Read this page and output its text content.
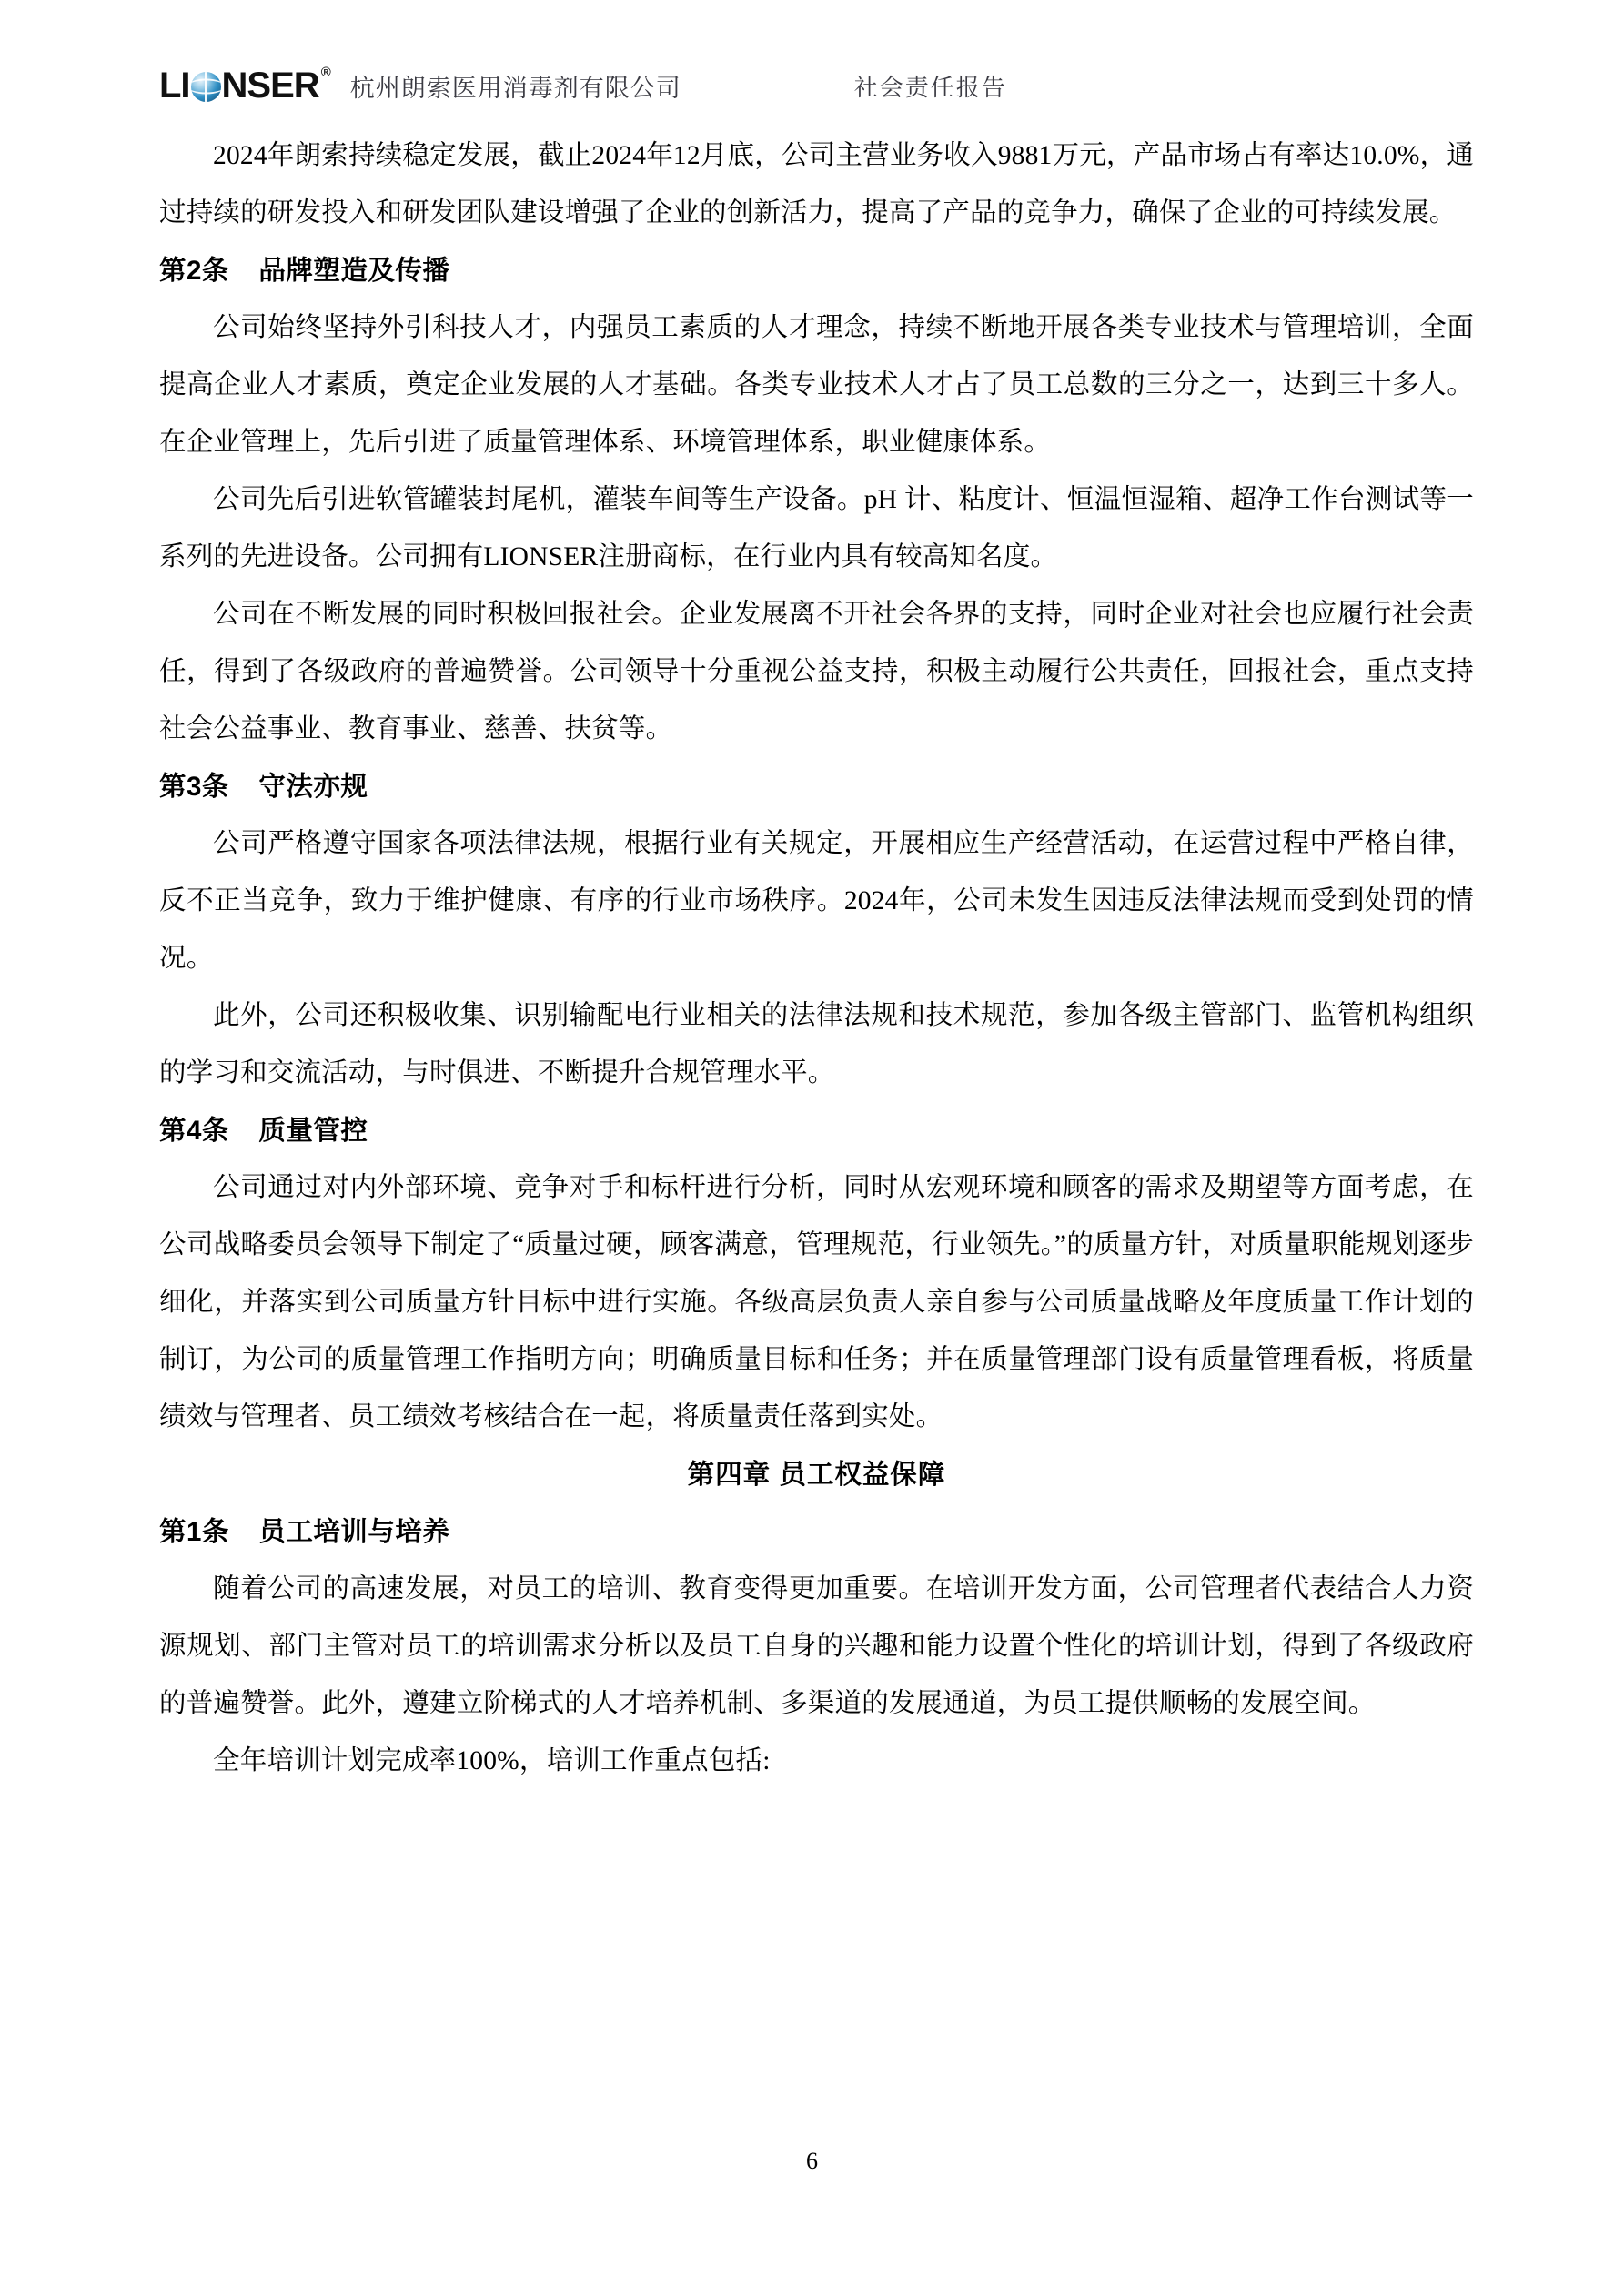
LI NSER ®
杭州朗索医用消毒剂有限公司	社会责任报告

2024年朗索持续稳定发展，截止2024年12月底，公司主营业务收入9881万元，产品市场占有率达10.0%，通过持续的研发投入和研发团队建设增强了企业的创新活力，提高了产品的竞争力，确保了企业的可持续发展。

第2条 品牌塑造及传播

公司始终坚持外引科技人才，内强员工素质的人才理念，持续不断地开展各类专业技术与管理培训，全面提高企业人才素质，奠定企业发展的人才基础。各类专业技术人才占了员工总数的三分之一，达到三十多人。在企业管理上，先后引进了质量管理体系、环境管理体系，职业健康体系。

公司先后引进软管罐装封尾机，灌装车间等生产设备。pH 计、粘度计、恒温恒湿箱、超净工作台测试等一系列的先进设备。公司拥有LIONSER注册商标，在行业内具有较高知名度。

公司在不断发展的同时积极回报社会。企业发展离不开社会各界的支持，同时企业对社会也应履行社会责任，得到了各级政府的普遍赞誉。公司领导十分重视公益支持，积极主动履行公共责任，回报社会，重点支持社会公益事业、教育事业、慈善、扶贫等。

第3条 守法亦规

公司严格遵守国家各项法律法规，根据行业有关规定，开展相应生产经营活动，在运营过程中严格自律，反不正当竞争，致力于维护健康、有序的行业市场秩序。2024年，公司未发生因违反法律法规而受到处罚的情况。

此外，公司还积极收集、识别输配电行业相关的法律法规和技术规范，参加各级主管部门、监管机构组织的学习和交流活动，与时俱进、不断提升合规管理水平。

第4条 质量管控

公司通过对内外部环境、竞争对手和标杆进行分析，同时从宏观环境和顾客的需求及期望等方面考虑，在公司战略委员会领导下制定了“质量过硬，顾客满意，管理规范，行业领先。”的质量方针，对质量职能规划逐步细化，并落实到公司质量方针目标中进行实施。各级高层负责人亲自参与公司质量战略及年度质量工作计划的制订，为公司的质量管理工作指明方向；明确质量目标和任务；并在质量管理部门设有质量管理看板，将质量绩效与管理者、员工绩效考核结合在一起，将质量责任落到实处。

第四章 员工权益保障
第1条 员工培训与培养

随着公司的高速发展，对员工的培训、教育变得更加重要。在培训开发方面，公司管理者代表结合人力资源规划、部门主管对员工的培训需求分析以及员工自身的兴趣和能力设置个性化的培训计划，得到了各级政府的普遍赞誉。此外，遵建立阶梯式的人才培养机制、多渠道的发展通道，为员工提供顺畅的发展空间。

全年培训计划完成率100%，培训工作重点包括:

6
